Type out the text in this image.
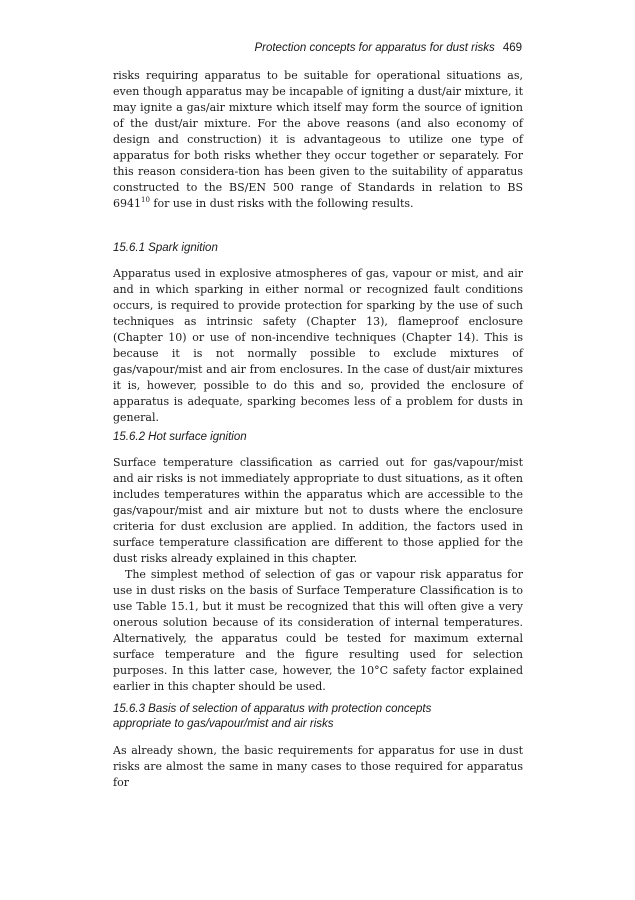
Protection concepts for apparatus for dust risks 469

risks requiring apparatus to be suitable for operational situations as, even though apparatus may be incapable of igniting a dust/air mixture, it may ignite a gas/air mixture which itself may form the source of ignition of the dust/air mixture. For the above reasons (and also economy of design and construction) it is advantageous to utilize one type of apparatus for both risks whether they occur together or separately. For this reason considera-tion has been given to the suitability of apparatus constructed to the BS/EN 500 range of Standards in relation to BS 6941$^{10}$ for use in dust risks with the following results.

15.6.1 Spark ignition

Apparatus used in explosive atmospheres of gas, vapour or mist, and air and in which sparking in either normal or recognized fault conditions occurs, is required to provide protection for sparking by the use of such techniques as intrinsic safety (Chapter 13), flameproof enclosure (Chapter 10) or use of non-incendive techniques (Chapter 14). This is because it is not normally possible to exclude mixtures of gas/vapour/mist and air from enclosures. In the case of dust/air mixtures it is, however, possible to do this and so, provided the enclosure of apparatus is adequate, sparking becomes less of a problem for dusts in general.

15.6.2 Hot surface ignition

Surface temperature classification as carried out for gas/vapour/mist and air risks is not immediately appropriate to dust situations, as it often includes temperatures within the apparatus which are accessible to the gas/vapour/mist and air mixture but not to dusts where the enclosure criteria for dust exclusion are applied. In addition, the factors used in surface temperature classification are different to those applied for the dust risks already explained in this chapter.

The simplest method of selection of gas or vapour risk apparatus for use in dust risks on the basis of Surface Temperature Classification is to use Table 15.1, but it must be recognized that this will often give a very onerous solution because of its consideration of internal temperatures. Alternatively, the apparatus could be tested for maximum external surface temperature and the figure resulting used for selection purposes. In this latter case, however, the 10°C safety factor explained earlier in this chapter should be used.

15.6.3 Basis of selection of apparatus with protection concepts
appropriate to gas/vapour/mist and air risks

As already shown, the basic requirements for apparatus for use in dust risks are almost the same in many cases to those required for apparatus for
